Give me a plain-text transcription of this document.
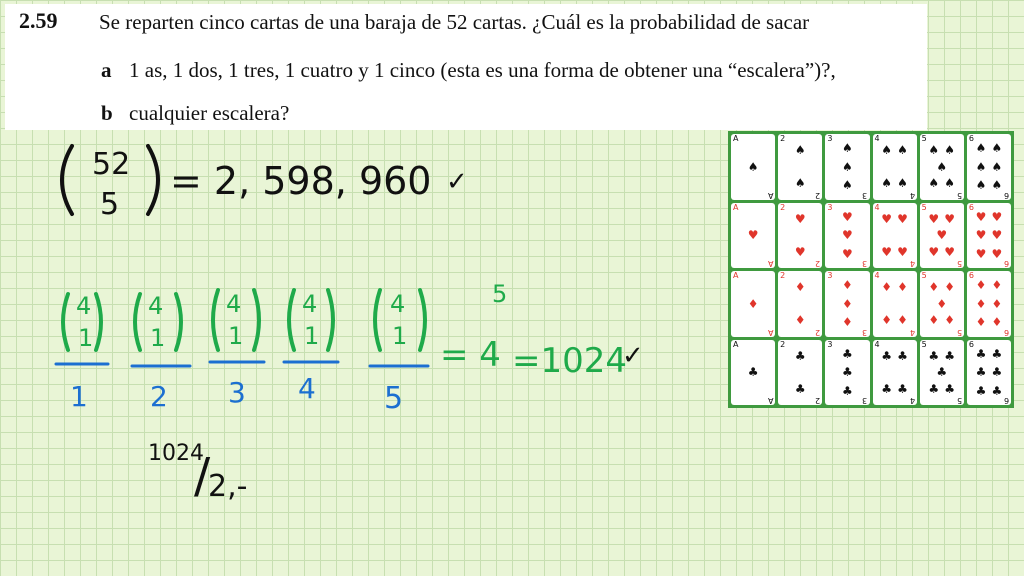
2.59 Se reparten cinco cartas de una baraja de 52 cartas. ¿Cuál es la probabilidad de sacar
a 1 as, 1 dos, 1 tres, 1 cuatro y 1 cinco (esta es una forma de obtener una “escalera”)?,
b cualquier escalera?
52
5
= 2, 598, 960 ✓
4
1
1
4
1
2
4
1
3
4
1
4
4
1
5
= 4
5
=1024
✓
1024
/
2,-
A
A
♠
2
2
♠
♠
3
3
♠
♠
♠
4
4
♠ ♠
♠ ♠
5
5
♠ ♠
♠
♠ ♠
6
6
♠ ♠
♠ ♠
♠ ♠
A
A
♥
2
2
♥
♥
3
3
♥
♥
♥
4
4
♥ ♥
♥ ♥
5
5
♥ ♥
♥
♥ ♥
6
6
♥ ♥
♥ ♥
♥ ♥
A
A
♦
2
2
♦
♦
3
3
♦
♦
♦
4
4
♦ ♦
♦ ♦
5
5
♦ ♦
♦
♦ ♦
6
6
♦ ♦
♦ ♦
♦ ♦
A
A
♣
2
2
♣
♣
3
3
♣
♣
♣
4
4
♣ ♣
♣ ♣
5
5
♣ ♣
♣
♣ ♣
6
6
♣ ♣
♣ ♣
♣ ♣
